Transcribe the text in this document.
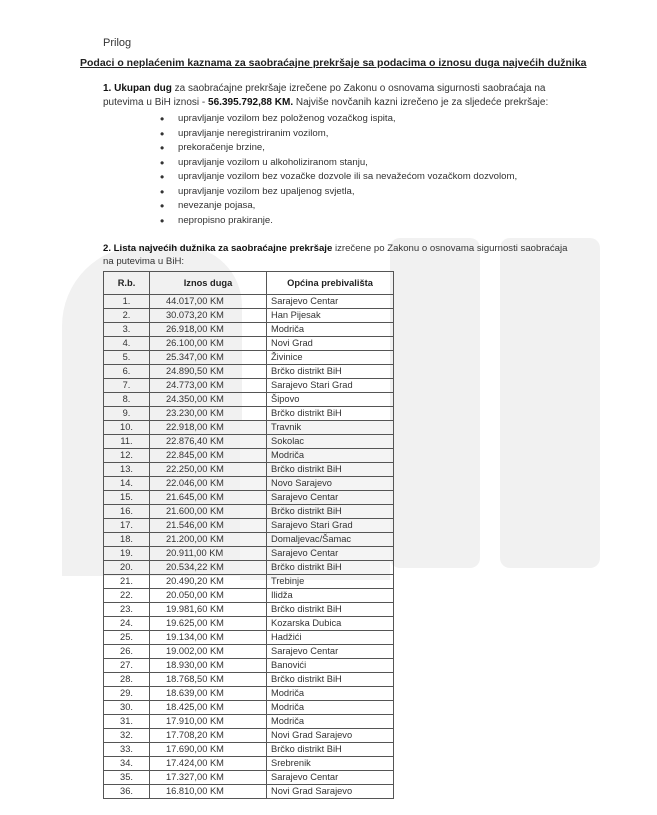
Prilog
Podaci o neplaćenim kaznama za saobraćajne prekršaje sa podacima o iznosu duga najvećih dužnika
1. Ukupan dug za saobraćajne prekršaje izrečene po Zakonu o osnovama sigurnosti saobraćaja na putevima u BiH iznosi - 56.395.792,88 KM. Najviše novčanih kazni izrečeno je za sljedeće prekršaje:
• upravljanje vozilom bez položenog vozačkog ispita,
• upravljanje neregistriranim vozilom,
• prekoračenje brzine,
• upravljanje vozilom u alkoholiziranom stanju,
• upravljanje vozilom bez vozačke dozvole ili sa nevažećom vozačkom dozvolom,
• upravljanje vozilom bez upaljenog svjetla,
• nevezanje pojasa,
• nepropisno prakiranje.
2. Lista najvećih dužnika za saobraćajne prekršaje izrečene po Zakonu o osnovama sigurnosti saobraćaja na putevima u BiH:
R.b.	Iznos duga	Općina prebivališta
1.	44.017,00 KM	Sarajevo Centar
2.	30.073,20 KM	Han Pijesak
3.	26.918,00 KM	Modriča
4.	26.100,00 KM	Novi Grad
5.	25.347,00 KM	Živinice
6.	24.890,50 KM	Brčko distrikt BiH
7.	24.773,00 KM	Sarajevo Stari Grad
8.	24.350,00 KM	Šipovo
9.	23.230,00 KM	Brčko distrikt BiH
10.	22.918,00 KM	Travnik
11.	22.876,40 KM	Sokolac
12.	22.845,00 KM	Modriča
13.	22.250,00 KM	Brčko distrikt BiH
14.	22.046,00 KM	Novo Sarajevo
15.	21.645,00 KM	Sarajevo Centar
16.	21.600,00 KM	Brčko distrikt BiH
17.	21.546,00 KM	Sarajevo Stari Grad
18.	21.200,00 KM	Domaljevac/Šamac
19.	20.911,00 KM	Sarajevo Centar
20.	20.534,22 KM	Brčko distrikt BiH
21.	20.490,20 KM	Trebinje
22.	20.050,00 KM	Ilidža
23.	19.981,60 KM	Brčko distrikt BiH
24.	19.625,00 KM	Kozarska Dubica
25.	19.134,00 KM	Hadžići
26.	19.002,00 KM	Sarajevo Centar
27.	18.930,00 KM	Banovići
28.	18.768,50 KM	Brčko distrikt BiH
29.	18.639,00 KM	Modriča
30.	18.425,00 KM	Modriča
31.	17.910,00 KM	Modriča
32.	17.708,20 KM	Novi Grad Sarajevo
33.	17.690,00 KM	Brčko distrikt BiH
34.	17.424,00 KM	Srebrenik
35.	17.327,00 KM	Sarajevo Centar
36.	16.810,00 KM	Novi Grad Sarajevo
